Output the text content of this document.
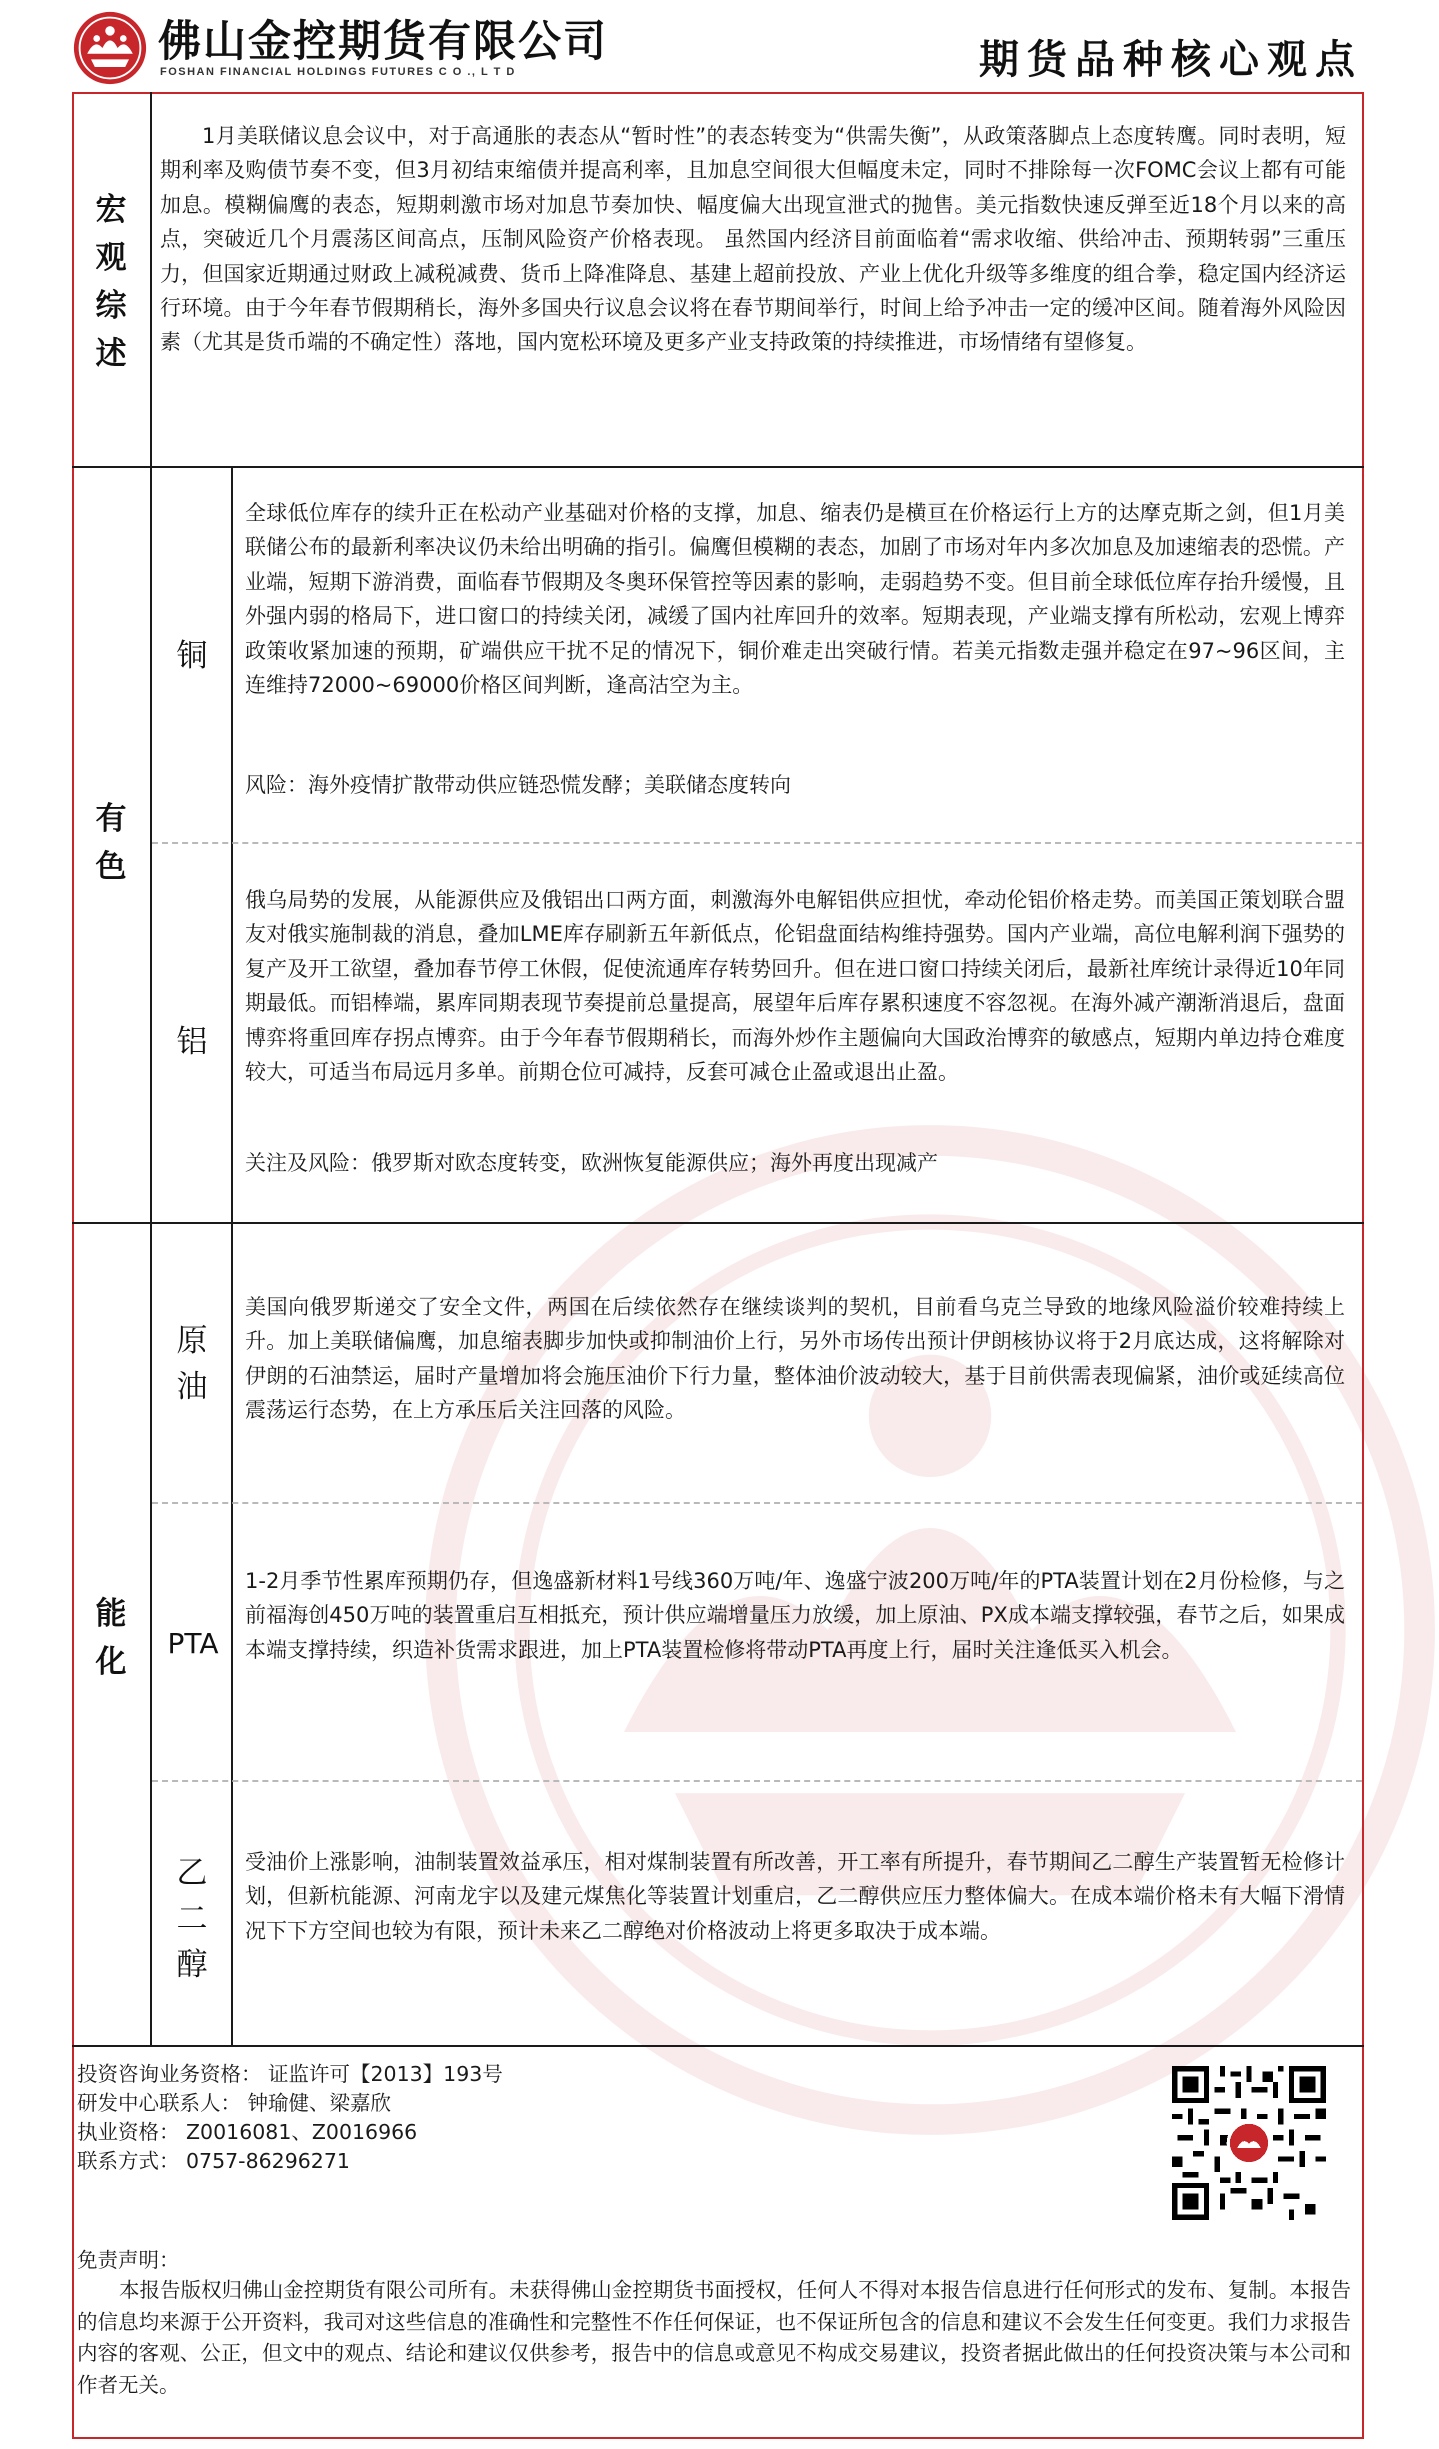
佛山金控期货有限公司
FOSHAN FINANCIAL HOLDINGS FUTURES C O ., L T D	期货品种核心观点
宏
观
综
述

1月美联储议息会议中，对于高通胀的表态从“暂时性”的表态转变为“供需失衡”，从政策落脚点上态度转鹰。同时表明，短期利率及购债节奏不变，但3月初结束缩债并提高利率，且加息空间很大但幅度未定，同时不排除每一次FOMC会议上都有可能加息。模糊偏鹰的表态，短期刺激市场对加息节奏加快、幅度偏大出现宣泄式的抛售。美元指数快速反弹至近18个月以来的高点，突破近几个月震荡区间高点，压制风险资产价格表现。 虽然国内经济目前面临着“需求收缩、供给冲击、预期转弱”三重压力，但国家近期通过财政上减税减费、货币上降准降息、基建上超前投放、产业上优化升级等多维度的组合拳，稳定国内经济运行环境。由于今年春节假期稍长，海外多国央行议息会议将在春节期间举行，时间上给予冲击一定的缓冲区间。随着海外风险因素（尤其是货币端的不确定性）落地，国内宽松环境及更多产业支持政策的持续推进，市场情绪有望修复。

有
色
铜

全球低位库存的续升正在松动产业基础对价格的支撑，加息、缩表仍是横亘在价格运行上方的达摩克斯之剑，但1月美联储公布的最新利率决议仍未给出明确的指引。偏鹰但模糊的表态，加剧了市场对年内多次加息及加速缩表的恐慌。产业端，短期下游消费，面临春节假期及冬奥环保管控等因素的影响，走弱趋势不变。但目前全球低位库存抬升缓慢，且外强内弱的格局下，进口窗口的持续关闭，减缓了国内社库回升的效率。短期表现，产业端支撑有所松动，宏观上博弈政策收紧加速的预期，矿端供应干扰不足的情况下，铜价难走出突破行情。若美元指数走强并稳定在97~96区间，主连维持72000~69000价格区间判断，逢高沽空为主。

风险：海外疫情扩散带动供应链恐慌发酵；美联储态度转向

铝

俄乌局势的发展，从能源供应及俄铝出口两方面，刺激海外电解铝供应担忧，牵动伦铝价格走势。而美国正策划联合盟友对俄实施制裁的消息，叠加LME库存刷新五年新低点，伦铝盘面结构维持强势。国内产业端，高位电解利润下强势的复产及开工欲望，叠加春节停工休假，促使流通库存转势回升。但在进口窗口持续关闭后，最新社库统计录得近10年同期最低。而铝棒端，累库同期表现节奏提前总量提高，展望年后库存累积速度不容忽视。在海外减产潮渐消退后，盘面博弈将重回库存拐点博弈。由于今年春节假期稍长，而海外炒作主题偏向大国政治博弈的敏感点，短期内单边持仓难度较大，可适当布局远月多单。前期仓位可减持，反套可减仓止盈或退出止盈。

关注及风险：俄罗斯对欧态度转变，欧洲恢复能源供应；海外再度出现减产

能
化
原
油

美国向俄罗斯递交了安全文件，两国在后续依然存在继续谈判的契机，目前看乌克兰导致的地缘风险溢价较难持续上升。加上美联储偏鹰，加息缩表脚步加快或抑制油价上行，另外市场传出预计伊朗核协议将于2月底达成，这将解除对伊朗的石油禁运，届时产量增加将会施压油价下行力量，整体油价波动较大，基于目前供需表现偏紧，油价或延续高位震荡运行态势，在上方承压后关注回落的风险。

PTA

1-2月季节性累库预期仍存，但逸盛新材料1号线360万吨/年、逸盛宁波200万吨/年的PTA装置计划在2月份检修，与之前福海创450万吨的装置重启互相抵充，预计供应端增量压力放缓，加上原油、PX成本端支撑较强，春节之后，如果成本端支撑持续，织造补货需求跟进，加上PTA装置检修将带动PTA再度上行，届时关注逢低买入机会。

乙
二
醇

受油价上涨影响，油制装置效益承压，相对煤制装置有所改善，开工率有所提升，春节期间乙二醇生产装置暂无检修计划，但新杭能源、河南龙宇以及建元煤焦化等装置计划重启，乙二醇供应压力整体偏大。在成本端价格未有大幅下滑情况下下方空间也较为有限，预计未来乙二醇绝对价格波动上将更多取决于成本端。

投资咨询业务资格： 证监许可【2013】193号
研发中心联系人： 钟瑜健、梁嘉欣
执业资格： Z0016081、Z0016966
联系方式： 0757-86296271
免责声明：

本报告版权归佛山金控期货有限公司所有。未获得佛山金控期货书面授权，任何人不得对本报告信息进行任何形式的发布、复制。本报告的信息均来源于公开资料，我司对这些信息的准确性和完整性不作任何保证，也不保证所包含的信息和建议不会发生任何变更。我们力求报告内容的客观、公正，但文中的观点、结论和建议仅供参考，报告中的信息或意见不构成交易建议，投资者据此做出的任何投资决策与本公司和作者无关。
